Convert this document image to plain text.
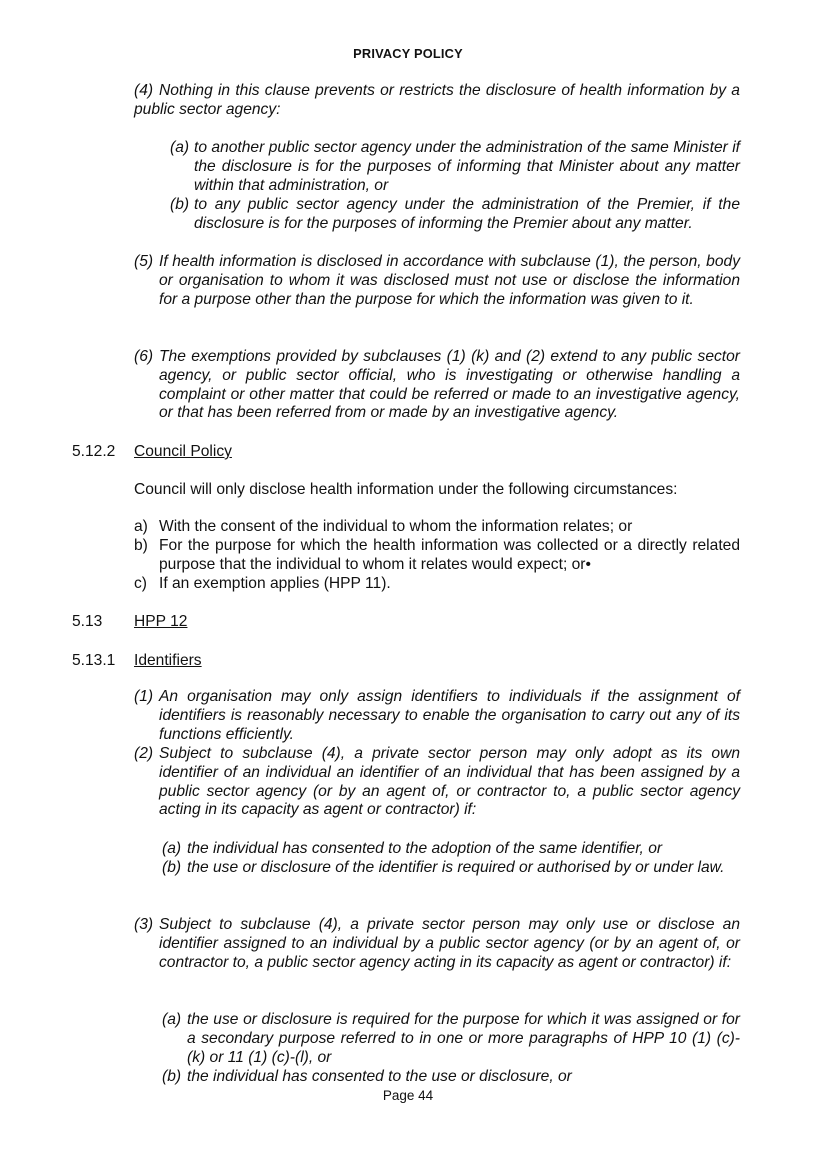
PRIVACY POLICY
(4) Nothing in this clause prevents or restricts the disclosure of health information by a public sector agency:
(a) to another public sector agency under the administration of the same Minister if the disclosure is for the purposes of informing that Minister about any matter within that administration, or
(b) to any public sector agency under the administration of the Premier, if the disclosure is for the purposes of informing the Premier about any matter.
(5) If health information is disclosed in accordance with subclause (1), the person, body or organisation to whom it was disclosed must not use or disclose the information for a purpose other than the purpose for which the information was given to it.
(6) The exemptions provided by subclauses (1) (k) and (2) extend to any public sector agency, or public sector official, who is investigating or otherwise handling a complaint or other matter that could be referred or made to an investigative agency, or that has been referred from or made by an investigative agency.
5.12.2 Council Policy
Council will only disclose health information under the following circumstances:
a) With the consent of the individual to whom the information relates; or
b) For the purpose for which the health information was collected or a directly related purpose that the individual to whom it relates would expect; or•
c) If an exemption applies (HPP 11).
5.13 HPP 12
5.13.1 Identifiers
(1) An organisation may only assign identifiers to individuals if the assignment of identifiers is reasonably necessary to enable the organisation to carry out any of its functions efficiently.
(2) Subject to subclause (4), a private sector person may only adopt as its own identifier of an individual an identifier of an individual that has been assigned by a public sector agency (or by an agent of, or contractor to, a public sector agency acting in its capacity as agent or contractor) if:
(a) the individual has consented to the adoption of the same identifier, or
(b) the use or disclosure of the identifier is required or authorised by or under law.
(3) Subject to subclause (4), a private sector person may only use or disclose an identifier assigned to an individual by a public sector agency (or by an agent of, or contractor to, a public sector agency acting in its capacity as agent or contractor) if:
(a) the use or disclosure is required for the purpose for which it was assigned or for a secondary purpose referred to in one or more paragraphs of HPP 10 (1) (c)-(k) or 11 (1) (c)-(l), or
(b) the individual has consented to the use or disclosure, or
Page 44
